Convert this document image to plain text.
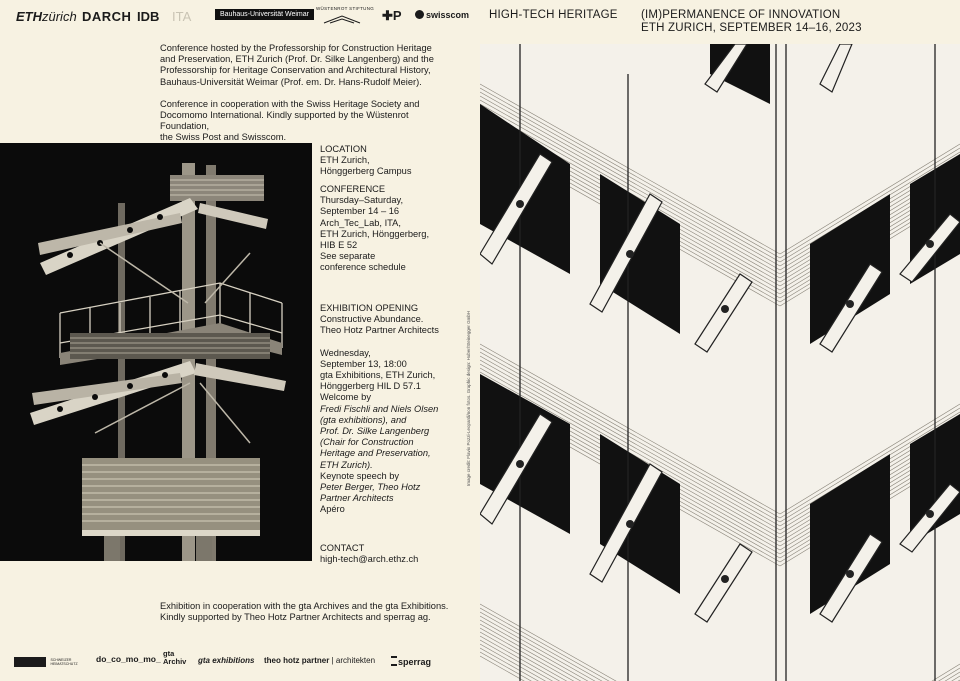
ETHzürich DARCH IDB ITA	Bauhaus-Universität Weimar
WÜSTENROT STIFTUNG ✚P	swisscom HIGH-TECH HERITAGE (IM)PERMANENCE OF INNOVATION
ETH ZURICH, SEPTEMBER 14–16, 2023
Conference hosted by the Professorship for Construction Heritage
and Preservation, ETH Zurich (Prof. Dr. Silke Langenberg) and the
Professorship for Heritage Conservation and Architectural History,
Bauhaus-Universität Weimar (Prof. em. Dr. Hans-Rudolf Meier).
Conference in cooperation with the Swiss Heritage Society and
Docomomo International. Kindly supported by the Wüstenrot Foundation,
the Swiss Post and Swisscom.
LOCATION
ETH Zurich,
Hönggerberg Campus
CONFERENCE
Thursday–Saturday,
September 14 – 16
Arch_Tec_Lab, ITA,
ETH Zurich, Hönggerberg,
HIB E 52
See separate
conference schedule
EXHIBITION OPENING
Constructive Abundance.
Theo Hotz Partner Architects
Wednesday,
September 13, 18:00
gta Exhibitions, ETH Zurich,
Hönggerberg HIL D 57.1
Welcome by
Fredi Fischli and Niels Olsen
(gta exhibitions), and
Prof. Dr. Silke Langenberg
(Chair for Construction
Heritage and Preservation,
ETH Zurich).
Keynote speech by
Peter Berger, Theo Hotz
Partner Architects
Apéro
CONTACT
high-tech@arch.ethz.ch
Exhibition in cooperation with the gta Archives and the gta Exhibitions.
Kindly supported by Theo Hotz Partner Architects and sperrag ag.
SCHWEIZER HEIMATSCHUTZ	do_co_mo_mo_
gta
Archiv gta exhibitions theo hotz partner | architekten	sperrag
Image credit: Flavio Pozzi-Leopardi/non fotos. Graphic design: Huber/Steinegger GmbH
